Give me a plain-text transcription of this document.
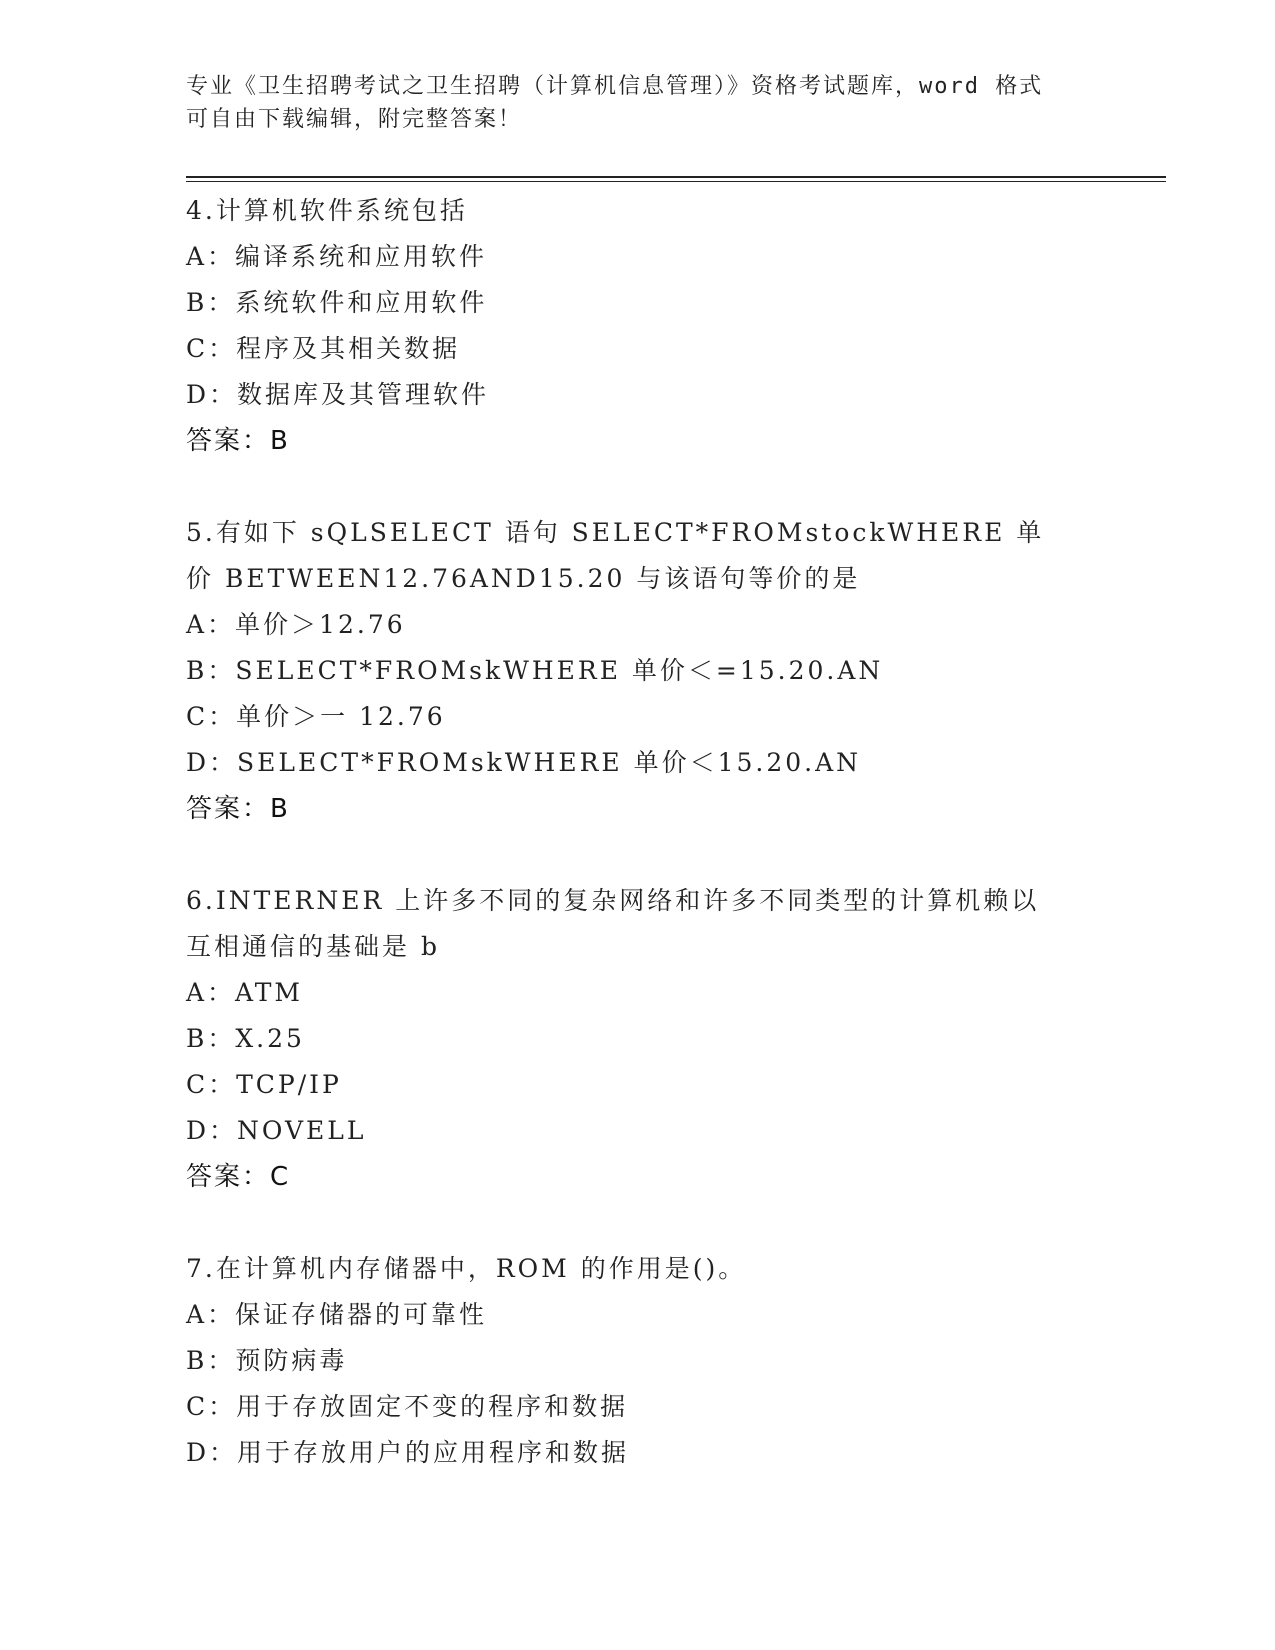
专业《卫生招聘考试之卫生招聘（计算机信息管理）》资格考试题库，word 格式
可自由下载编辑，附完整答案！
4.计算机软件系统包括
A：编译系统和应用软件
B：系统软件和应用软件
C：程序及其相关数据
D：数据库及其管理软件
答案：B
5.有如下 sQLSELECT 语句 SELECT*FROMstockWHERE 单价 BETWEEN12.76AND15.20 与该语句等价的是
A：单价＞12.76
B：SELECT*FROMskWHERE 单价＜=15.20.AN
C：单价＞一 12.76
D：SELECT*FROMskWHERE 单价＜15.20.AN
答案：B
6.INTERNER 上许多不同的复杂网络和许多不同类型的计算机赖以互相通信的基础是 b
A：ATM
B：X.25
C：TCP/IP
D：NOVELL
答案：C
7.在计算机内存储器中，ROM 的作用是()。
A：保证存储器的可靠性
B：预防病毒
C：用于存放固定不变的程序和数据
D：用于存放用户的应用程序和数据
